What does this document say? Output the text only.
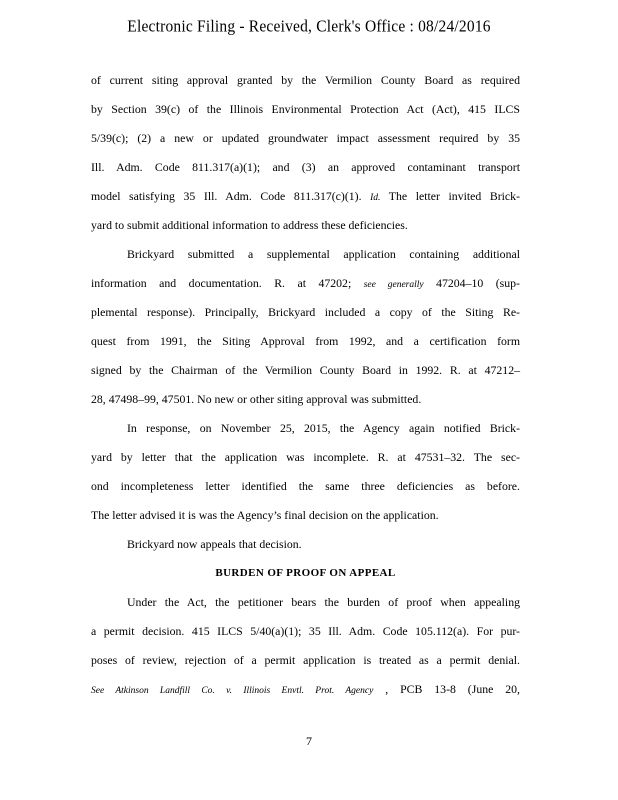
Electronic Filing - Received, Clerk's Office : 08/24/2016
of current siting approval granted by the Vermilion County Board as required
by Section 39(c) of the Illinois Environmental Protection Act (Act), 415 ILCS
5/39(c); (2) a new or updated groundwater impact assessment required by 35
Ill. Adm. Code 811.317(a)(1); and (3) an approved contaminant transport
model satisfying 35 Ill. Adm. Code 811.317(c)(1). Id. The letter invited Brick-
yard to submit additional information to address these deficiencies.
Brickyard submitted a supplemental application containing additional
information and documentation. R. at 47202; see generally 47204–10 (sup-
plemental response). Principally, Brickyard included a copy of the Siting Re-
quest from 1991, the Siting Approval from 1992, and a certification form
signed by the Chairman of the Vermilion County Board in 1992. R. at 47212–
28, 47498–99, 47501. No new or other siting approval was submitted.
In response, on November 25, 2015, the Agency again notified Brick-
yard by letter that the application was incomplete. R. at 47531–32. The sec-
ond incompleteness letter identified the same three deficiencies as before.
The letter advised it is was the Agency’s final decision on the application.
Brickyard now appeals that decision.
BURDEN OF PROOF ON APPEAL
Under the Act, the petitioner bears the burden of proof when appealing
a permit decision. 415 ILCS 5/40(a)(1); 35 Ill. Adm. Code 105.112(a). For pur-
poses of review, rejection of a permit application is treated as a permit denial.
See Atkinson Landfill Co. v. Illinois Envtl. Prot. Agency , PCB 13-8 (June 20,
7
